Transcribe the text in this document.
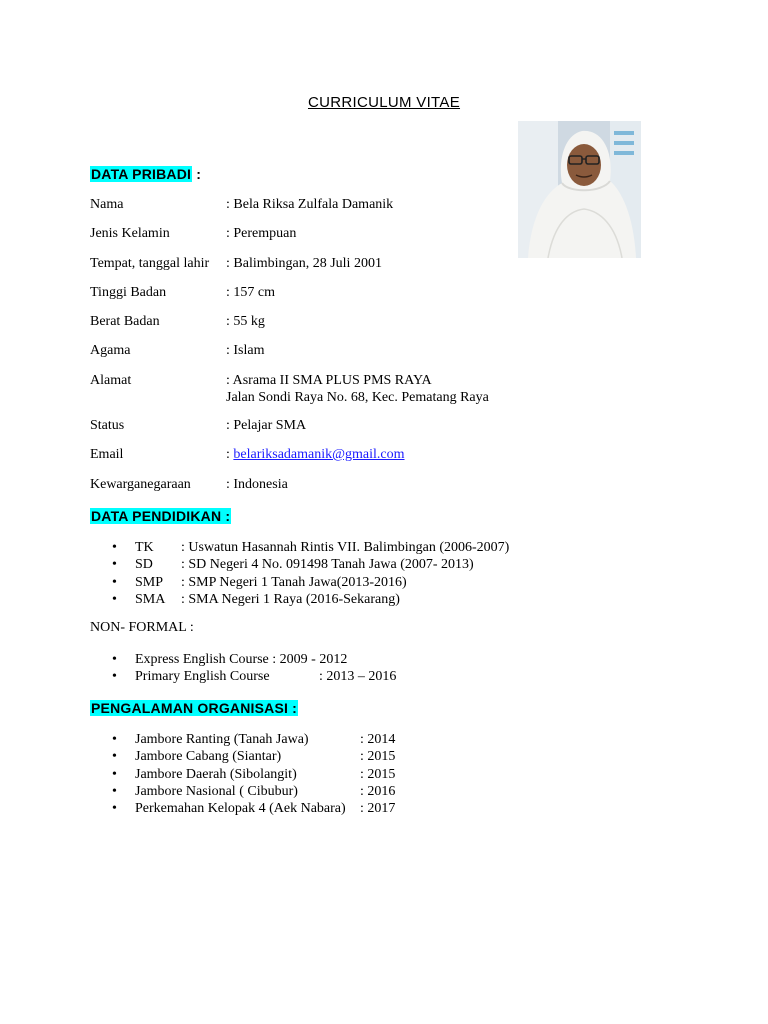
CURRICULUM VITAE
DATA PRIBADI :
Nama	: Bela Riksa Zulfala Damanik
Jenis Kelamin	: Perempuan
Tempat, tanggal lahir : Balimbingan, 28 Juli 2001
Tinggi Badan	: 157 cm
Berat Badan	: 55 kg
Agama	: Islam
Alamat	: Asrama II SMA PLUS PMS RAYA
Jalan Sondi Raya No. 68, Kec. Pematang Raya
Status	: Pelajar SMA
Email	: belariksadamanik@gmail.com
Kewarganegaraan	: Indonesia
DATA PENDIDIKAN :
• TK : Uswatun Hasannah Rintis VII. Balimbingan (2006-2007)
• SD : SD Negeri 4 No. 091498 Tanah Jawa (2007- 2013)
• SMP : SMP Negeri 1 Tanah Jawa(2013-2016)
• SMA : SMA Negeri 1 Raya (2016-Sekarang)
NON- FORMAL :
• Express English Course : 2009 - 2012
• Primary English Course	: 2013 – 2016
PENGALAMAN ORGANISASI :
• Jambore Ranting (Tanah Jawa)	: 2014
• Jambore Cabang (Siantar)	: 2015
• Jambore Daerah (Sibolangit)	: 2015
• Jambore Nasional ( Cibubur)	: 2016
• Perkemahan Kelopak 4 (Aek Nabara) : 2017
